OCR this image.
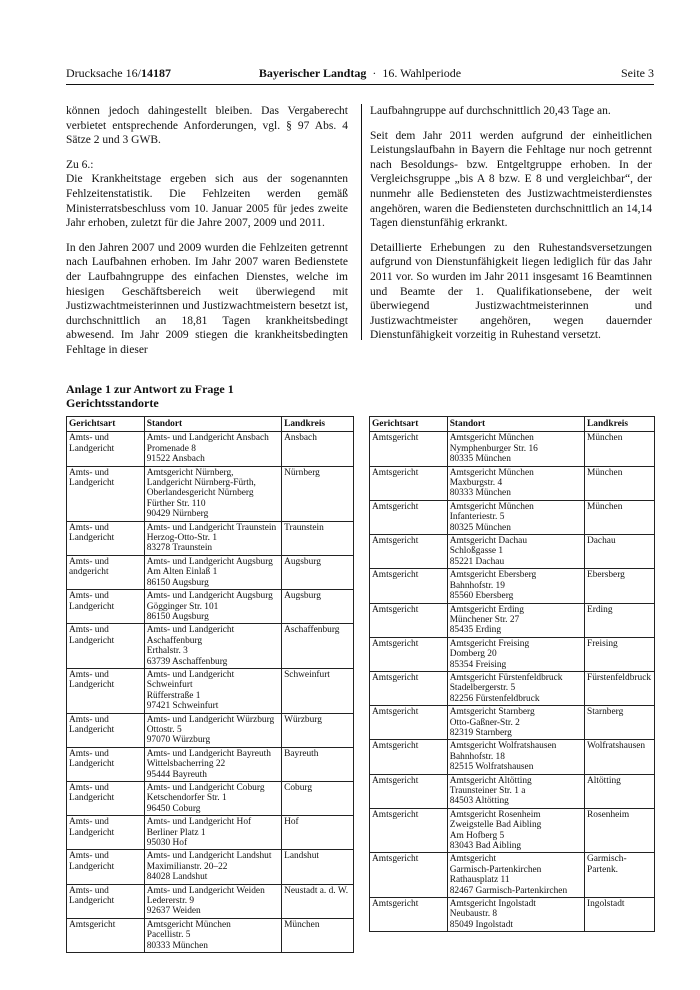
Drucksache 16/14187	Bayerischer Landtag · 16. Wahlperiode	Seite 3

können jedoch dahingestellt bleiben. Das Vergaberecht verbietet entsprechende Anforderungen, vgl. § 97 Abs. 4 Sätze 2 und 3 GWB.

Zu 6.:

Die Krankheitstage ergeben sich aus der sogenannten Fehlzeitenstatistik. Die Fehlzeiten werden gemäß Ministerratsbeschluss vom 10. Januar 2005 für jedes zweite Jahr erhoben, zuletzt für die Jahre 2007, 2009 und 2011.

In den Jahren 2007 und 2009 wurden die Fehlzeiten getrennt nach Laufbahnen erhoben. Im Jahr 2007 waren Bedienstete der Laufbahngruppe des einfachen Dienstes, welche im hiesigen Geschäftsbereich weit überwiegend mit Justizwachtmeisterinnen und Justizwachtmeistern besetzt ist, durchschnittlich an 18,81 Tagen krankheitsbedingt abwesend. Im Jahr 2009 stiegen die krankheitsbedingten Fehltage in dieser

Laufbahngruppe auf durchschnittlich 20,43 Tage an.

Seit dem Jahr 2011 werden aufgrund der einheitlichen Leistungslaufbahn in Bayern die Fehltage nur noch getrennt nach Besoldungs- bzw. Entgeltgruppe erhoben. In der Vergleichsgruppe „bis A 8 bzw. E 8 und vergleichbar“, der nunmehr alle Bediensteten des Justizwachtmeisterdienstes angehören, waren die Bediensteten durchschnittlich an 14,14 Tagen dienstunfähig erkrankt.

Detaillierte Erhebungen zu den Ruhestandsversetzungen aufgrund von Dienstunfähigkeit liegen lediglich für das Jahr 2011 vor. So wurden im Jahr 2011 insgesamt 16 Beamtinnen und Beamte der 1. Qualifikationsebene, der weit überwiegend Justizwachtmeisterinnen und Justizwachtmeister angehören, wegen dauernder Dienstunfähigkeit vorzeitig in Ruhestand versetzt.

Anlage 1 zur Antwort zu Frage 1
Gerichtsstandorte
Gerichtsart	Standort	Landkreis
Amts- und Landgericht	Amts- und Landgericht Ansbach
Promenade 8
91522 Ansbach	Ansbach
Amts- und Landgericht	Amtsgericht Nürnberg,
Landgericht Nürnberg-Fürth,
Oberlandesgericht Nürnberg
Fürther Str. 110
90429 Nürnberg	Nürnberg
Amts- und Landgericht	Amts- und Landgericht Traunstein
Herzog-Otto-Str. 1
83278 Traunstein	Traunstein
Amts- und andgericht	Amts- und Landgericht Augsburg
Am Alten Einlaß 1
86150 Augsburg	Augsburg
Amts- und Landgericht	Amts- und Landgericht Augsburg
Gögginger Str. 101
86150 Augsburg	Augsburg
Amts- und Landgericht	Amts- und Landgericht
Aschaffenburg
Erthalstr. 3
63739 Aschaffenburg	Aschaffenburg
Amts- und Landgericht	Amts- und Landgericht
Schweinfurt
Rüfferstraße 1
97421 Schweinfurt	Schweinfurt
Amts- und Landgericht	Amts- und Landgericht Würzburg
Ottostr. 5
97070 Würzburg	Würzburg
Amts- und Landgericht	Amts- und Landgericht Bayreuth
Wittelsbacherring 22
95444 Bayreuth	Bayreuth
Amts- und Landgericht	Amts- und Landgericht Coburg
Ketschendorfer Str. 1
96450 Coburg	Coburg
Amts- und Landgericht	Amts- und Landgericht Hof
Berliner Platz 1
95030 Hof	Hof
Amts- und Landgericht	Amts- und Landgericht Landshut
Maximilianstr. 20–22
84028 Landshut	Landshut
Amts- und Landgericht	Amts- und Landgericht Weiden
Ledererstr. 9
92637 Weiden	Neustadt a. d. W.
Amtsgericht	Amtsgericht München
Pacellistr. 5
80333 München	München
Gerichtsart	Standort	Landkreis
Amtsgericht	Amtsgericht München
Nymphenburger Str. 16
80335 München	München
Amtsgericht	Amtsgericht München
Maxburgstr. 4
80333 München	München
Amtsgericht	Amtsgericht München
Infanteriestr. 5
80325 München	München
Amtsgericht	Amtsgericht Dachau
Schloßgasse 1
85221 Dachau	Dachau
Amtsgericht	Amtsgericht Ebersberg
Bahnhofstr. 19
85560 Ebersberg	Ebersberg
Amtsgericht	Amtsgericht Erding
Münchener Str. 27
85435 Erding	Erding
Amtsgericht	Amtsgericht Freising
Domberg 20
85354 Freising	Freising
Amtsgericht	Amtsgericht Fürstenfeldbruck
Stadelbergerstr. 5
82256 Fürstenfeldbruck	Fürstenfeldbruck
Amtsgericht	Amtsgericht Starnberg
Otto-Gaßner-Str. 2
82319 Starnberg	Starnberg
Amtsgericht	Amtsgericht Wolfratshausen
Bahnhofstr. 18
82515 Wolfratshausen	Wolfratshausen
Amtsgericht	Amtsgericht Altötting
Traunsteiner Str. 1 a
84503 Altötting	Altötting
Amtsgericht	Amtsgericht Rosenheim
Zweigstelle Bad Aibling
Am Hofberg 5
83043 Bad Aibling	Rosenheim
Amtsgericht	Amtsgericht
Garmisch-Partenkirchen
Rathausplatz 11
82467 Garmisch-Partenkirchen	Garmisch-Partenk.
Amtsgericht	Amtsgericht Ingolstadt
Neubaustr. 8
85049 Ingolstadt	Ingolstadt
